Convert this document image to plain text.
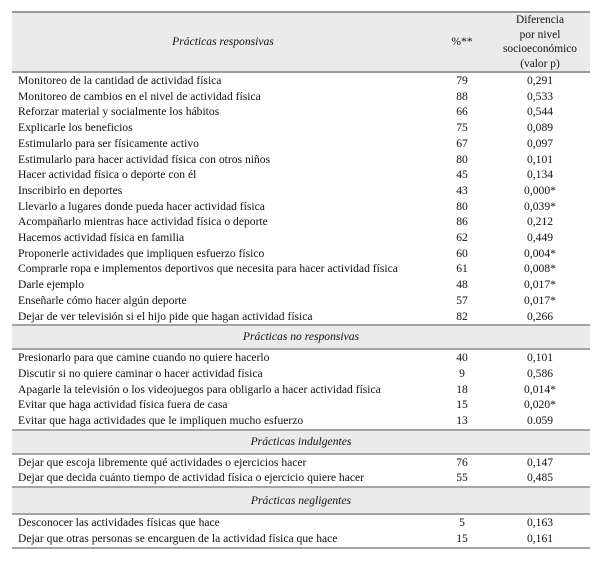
Prácticas responsivas	%**	Diferencia
por nivel
socioeconómico
(valor p)

Monitoreo de la cantidad de actividad física	79	0,291
Monitoreo de cambios en el nivel de actividad física	88	0,533
Reforzar material y socialmente los hábitos	66	0,544
Explicarle los beneficios	75	0,089
Estimularlo para ser físicamente activo	67	0,097
Estimularlo para hacer actividad física con otros niños	80	0,101
Hacer actividad física o deporte con él	45	0,134
Inscribirlo en deportes	43	0,000*
Llevarlo a lugares donde pueda hacer actividad física	80	0,039*
Acompañarlo mientras hace actividad física o deporte	86	0,212
Hacemos actividad física en familia	62	0,449
Proponerle actividades que impliquen esfuerzo físico	60	0,004*
Comprarle ropa e implementos deportivos que necesita para hacer actividad física	61	0,008*
Darle ejemplo	48	0,017*
Enseñarle cómo hacer algún deporte	57	0,017*
Dejar de ver televisión si el hijo pide que hagan actividad física	82	0,266
Prácticas no responsivas		
Presionarlo para que camine cuando no quiere hacerlo	40	0,101
Discutir si no quiere caminar o hacer actividad física	9	0,586
Apagarle la televisión o los videojuegos para obligarlo a hacer actividad física	18	0,014*
Evitar que haga actividad física fuera de casa	15	0,020*
Evitar que haga actividades que le impliquen mucho esfuerzo	13	0.059
Prácticas indulgentes		
Dejar que escoja libremente qué actividades o ejercicios hacer	76	0,147
Dejar que decida cuánto tiempo de actividad física o ejercicio quiere hacer	55	0,485
Prácticas negligentes		
Desconocer las actividades físicas que hace	5	0,163
Dejar que otras personas se encarguen de la actividad física que hace	15	0,161
